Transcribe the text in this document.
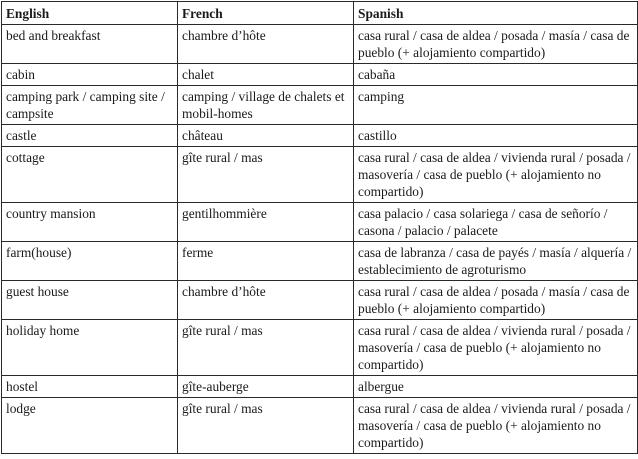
English	French	Spanish
bed and breakfast	chambre d’hôte	casa rural / casa de aldea / posada / masía / casa de pueblo (+ alojamiento compartido)
cabin	chalet	cabaña
camping park / camping site / campsite	camping / village de chalets et mobil-homes	camping
castle	château	castillo
cottage	gîte rural / mas	casa rural / casa de aldea / vivienda rural / posada / masovería / casa de pueblo (+ alojamiento no compartido)
country mansion	gentilhommière	casa palacio / casa solariega / casa de señorío / casona / palacio / palacete
farm(house)	ferme	casa de labranza / casa de payés / masía / alquería / establecimiento de agroturismo
guest house	chambre d’hôte	casa rural / casa de aldea / posada / masía / casa de pueblo (+ alojamiento compartido)
holiday home	gîte rural / mas	casa rural / casa de aldea / vivienda rural / posada / masovería / casa de pueblo (+ alojamiento no compartido)
hostel	gîte-auberge	albergue
lodge	gîte rural / mas	casa rural / casa de aldea / vivienda rural / posada / masovería / casa de pueblo (+ alojamiento no compartido)
